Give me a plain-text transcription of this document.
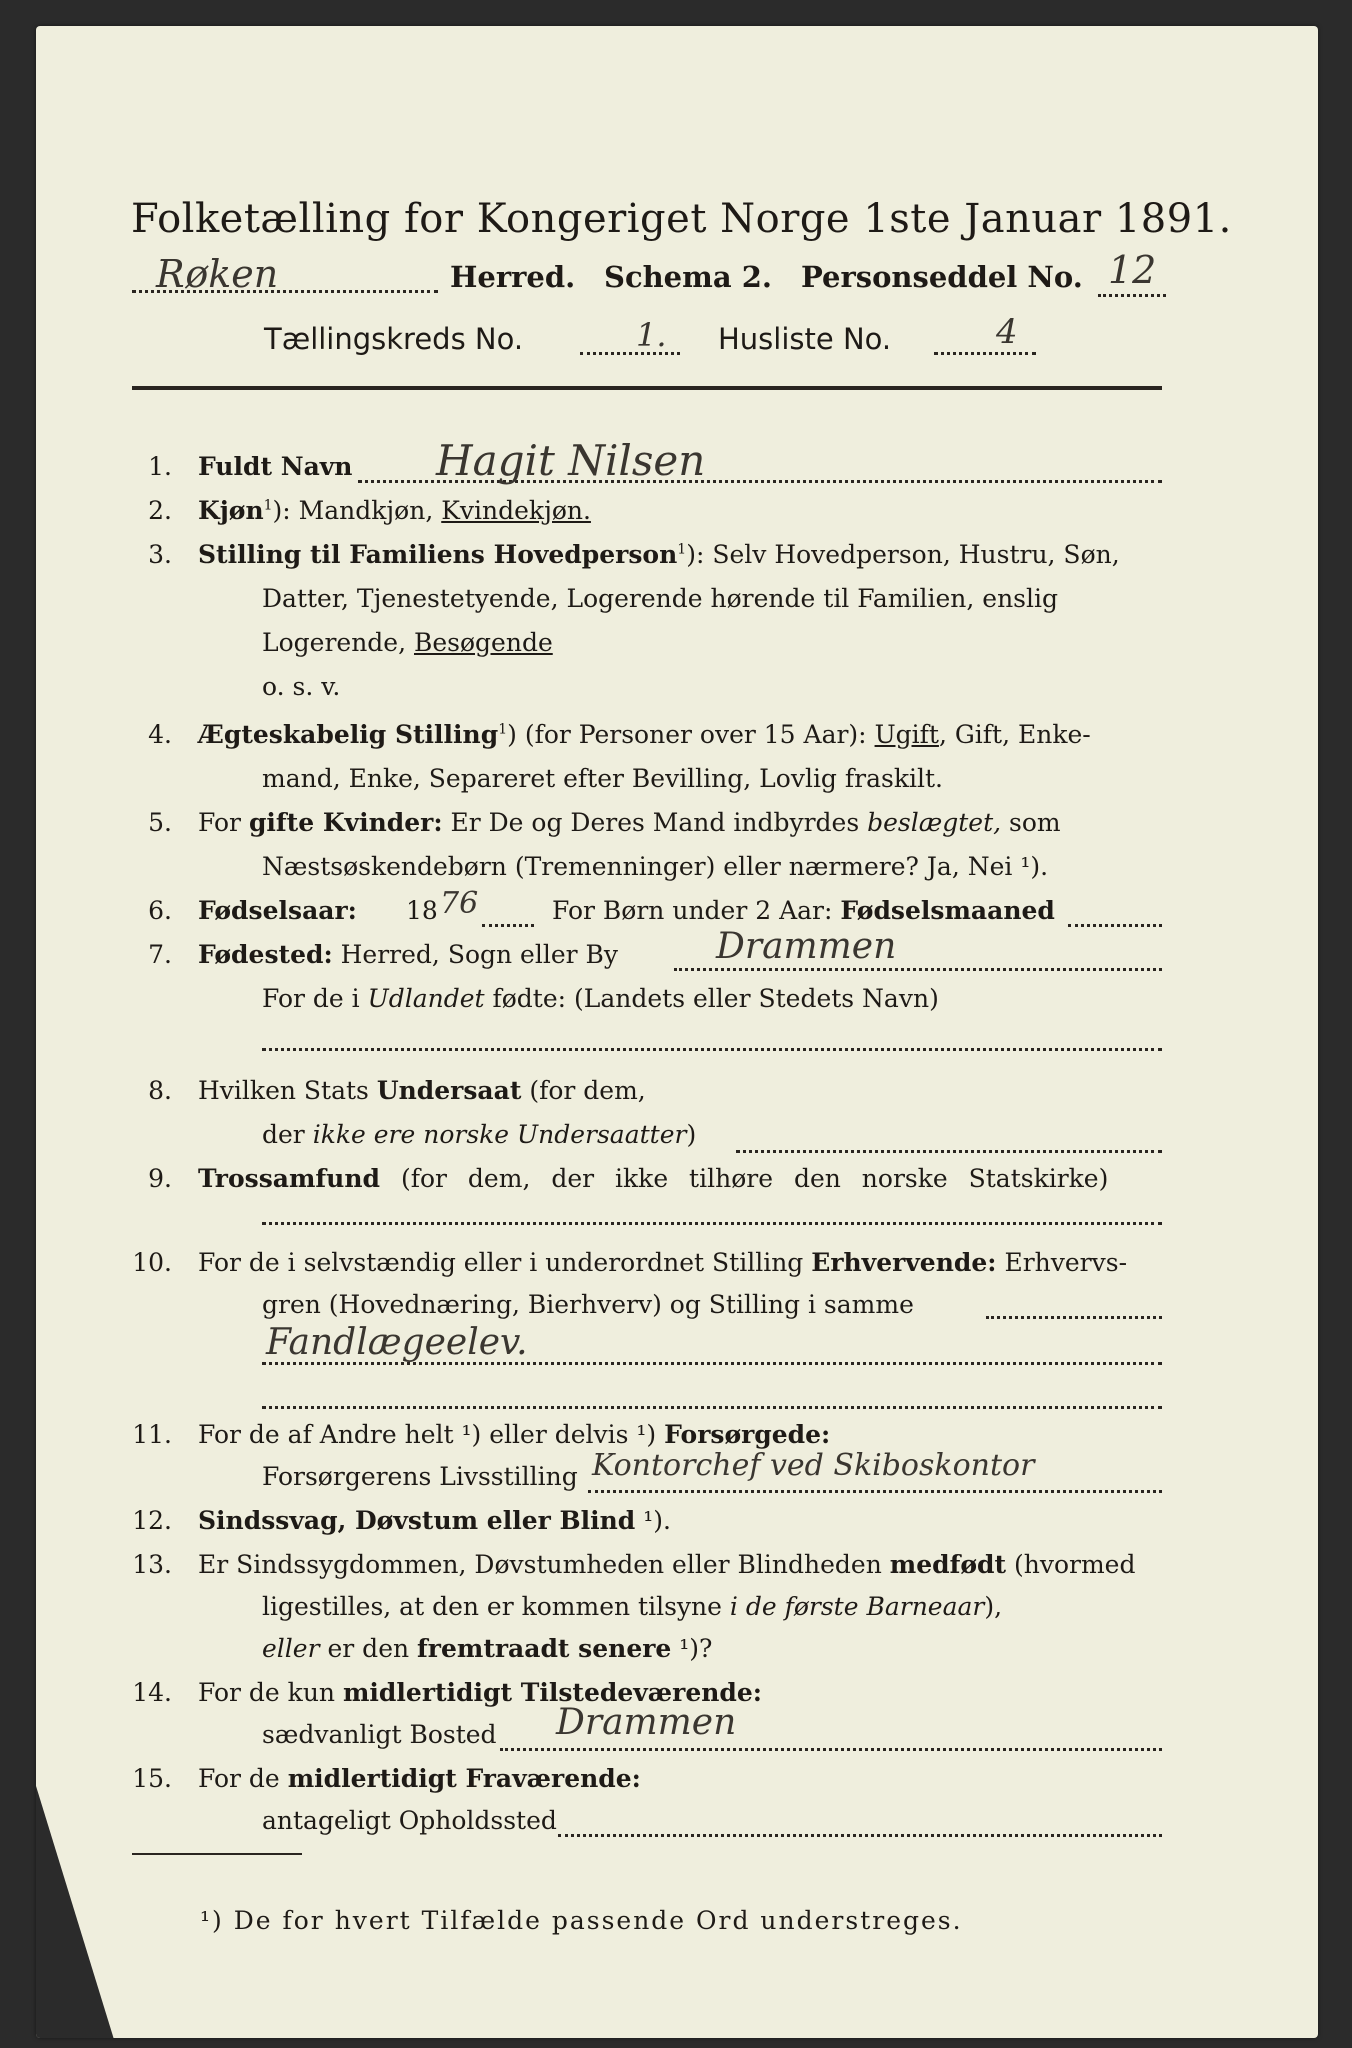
Folketælling for Kongeriget Norge 1ste Januar 1891.
Røken	Herred. Schema 2. Personseddel No. 12
Tællingskreds No.	1. Husliste No.	4
1. Fuldt Navn Hagit Nilsen
2. Kjøn$^1$): Mandkjøn, Kvindekjøn.
3. Stilling til Familiens Hovedperson$^1$): Selv Hovedperson, Hustru, Søn,
Datter, Tjenestetyende, Logerende hørende til Familien, enslig
Logerende, Besøgende
o. s. v.
4. Ægteskabelig Stilling$^1$) (for Personer over 15 Aar): Ugift, Gift, Enke-
mand, Enke, Separeret efter Bevilling, Lovlig fraskilt.
5. For gifte Kvinder: Er De og Deres Mand indbyrdes beslægtet, som
Næstsøskendebørn (Tremenninger) eller nærmere? Ja, Nei ¹).
6. Fødselsaar: 18 76	For Børn under 2 Aar: Fødselsmaaned
7. Fødested: Herred, Sogn eller By	Drammen
For de i Udlandet fødte: (Landets eller Stedets Navn)
8. Hvilken Stats Undersaat (for dem,
der ikke ere norske Undersaatter)
9. Trossamfund (for dem, der ikke tilhøre den norske Statskirke)
10. For de i selvstændig eller i underordnet Stilling Erhvervende: Erhvervs-
gren (Hovednæring, Bierhverv) og Stilling i samme
Fandlægeelev.
11. For de af Andre helt ¹) eller delvis ¹) Forsørgede:
Forsørgerens Livsstilling Kontorchef ved Skiboskontor
12. Sindssvag, Døvstum eller Blind ¹).
13. Er Sindssygdommen, Døvstumheden eller Blindheden medfødt (hvormed
ligestilles, at den er kommen tilsyne i de første Barneaar),
eller er den fremtraadt senere ¹)?
14. For de kun midlertidigt Tilstedeværende:
sædvanligt Bosted Drammen
15. For de midlertidigt Fraværende:
antageligt Opholdssted
¹) De for hvert Tilfælde passende Ord understreges.
